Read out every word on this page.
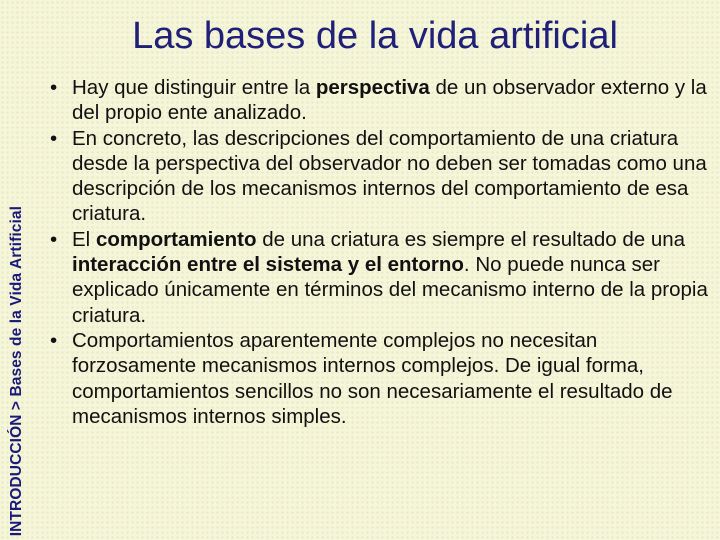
INTRODUCCIÓN > Bases de la Vida Artificial
Las bases de la vida artificial
• Hay que distinguir entre la perspectiva de un observador externo y la del propio ente analizado.
• En concreto, las descripciones del comportamiento de una criatura desde la perspectiva del observador no deben ser tomadas como una descripción de los mecanismos internos del comportamiento de esa criatura.
• El comportamiento de una criatura es siempre el resultado de una interacción entre el sistema y el entorno. No puede nunca ser explicado únicamente en términos del mecanismo interno de la propia criatura.
• Comportamientos aparentemente complejos no necesitan forzosamente mecanismos internos complejos. De igual forma, comportamientos sencillos no son necesariamente el resultado de mecanismos internos simples.
